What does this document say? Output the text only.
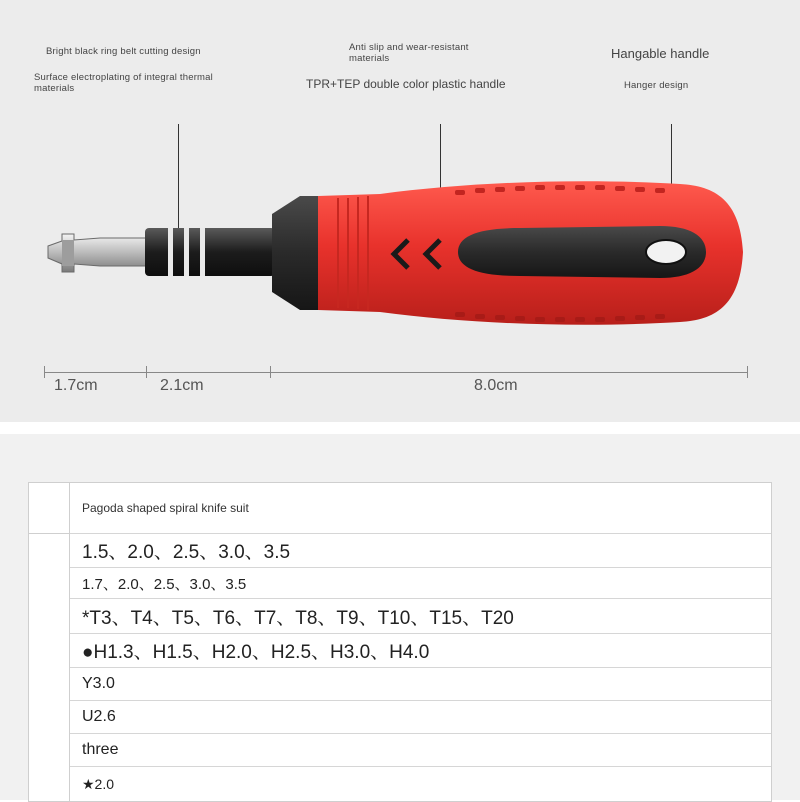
Bright black ring belt cutting design
Surface electroplating of integral thermal materials
Anti slip and wear-resistant materials
TPR+TEP double color plastic handle
Hangable handle
Hanger design
1.7cm	2.1cm	8.0cm
Pagoda shaped spiral knife suit
1.5、2.0、2.5、3.0、3.5
1.7、2.0、2.5、3.0、3.5
*T3、T4、T5、T6、T7、T8、T9、T10、T15、T20
●H1.3、H1.5、H2.0、H2.5、H3.0、H4.0
Y3.0
U2.6
three
★2.0
